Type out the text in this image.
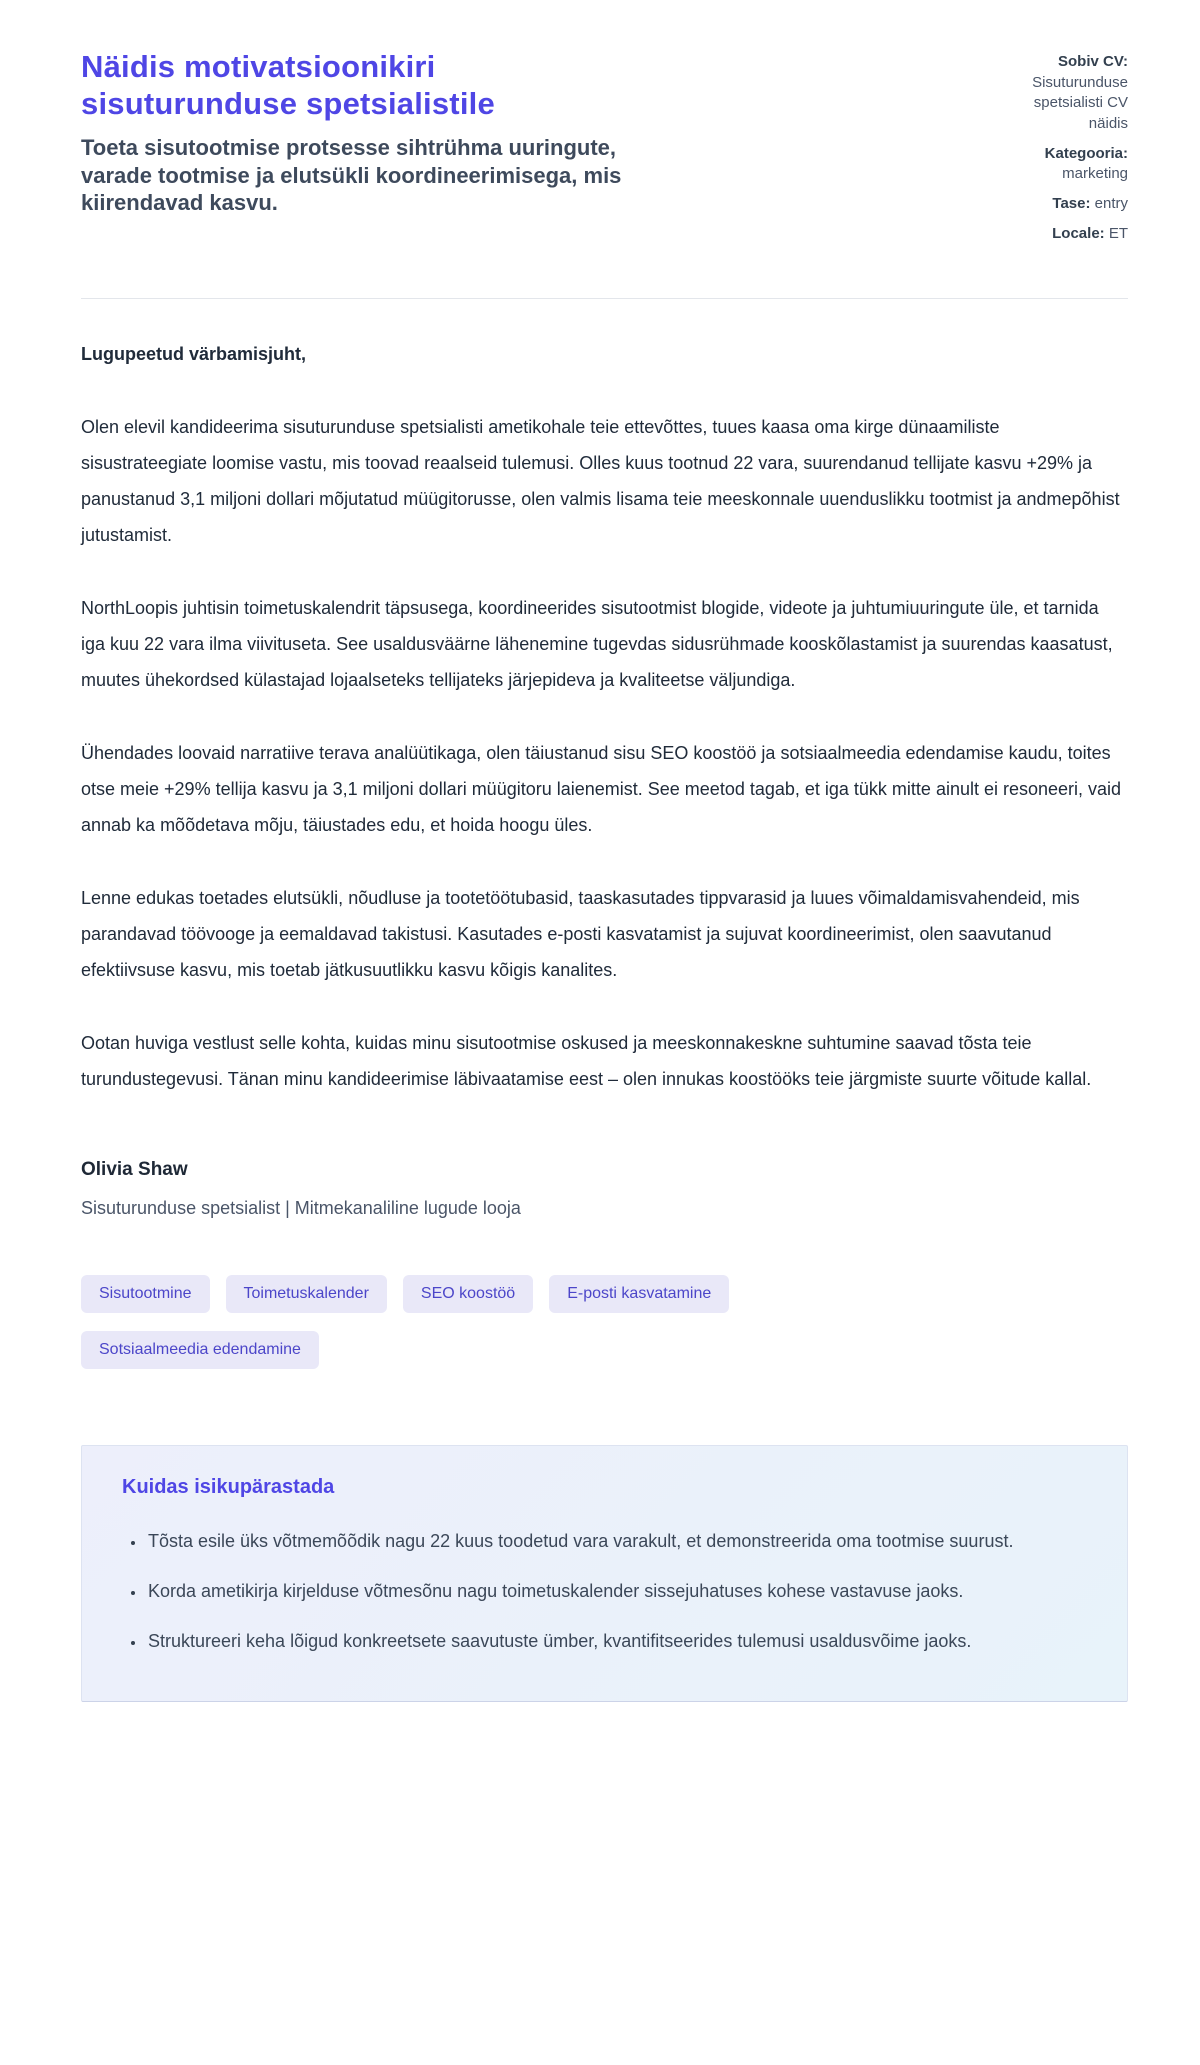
Näidis motivatsioonikiri sisuturunduse spetsialistile
Toeta sisutootmise protsesse sihtrühma uuringute, varade tootmise ja elutsükli koordineerimisega, mis kiirendavad kasvu.
Sobiv CV: Sisuturunduse spetsialisti CV näidis
Kategooria: marketing
Tase: entry
Locale: ET

Lugupeetud värbamisjuht,

Olen elevil kandideerima sisuturunduse spetsialisti ametikohale teie ettevõttes, tuues kaasa oma kirge dünaamiliste sisustrateegiate loomise vastu, mis toovad reaalseid tulemusi. Olles kuus tootnud 22 vara, suurendanud tellijate kasvu +29% ja panustanud 3,1 miljoni dollari mõjutatud müügitorusse, olen valmis lisama teie meeskonnale uuenduslikku tootmist ja andmepõhist jutustamist.

NorthLoopis juhtisin toimetuskalendrit täpsusega, koordineerides sisutootmist blogide, videote ja juhtumiuuringute üle, et tarnida iga kuu 22 vara ilma viivituseta. See usaldusväärne lähenemine tugevdas sidusrühmade kooskõlastamist ja suurendas kaasatust, muutes ühekordsed külastajad lojaalseteks tellijateks järjepideva ja kvaliteetse väljundiga.

Ühendades loovaid narratiive terava analüütikaga, olen täiustanud sisu SEO koostöö ja sotsiaalmeedia edendamise kaudu, toites otse meie +29% tellija kasvu ja 3,1 miljoni dollari müügitoru laienemist. See meetod tagab, et iga tükk mitte ainult ei resoneeri, vaid annab ka mõõdetava mõju, täiustades edu, et hoida hoogu üles.

Lenne edukas toetades elutsükli, nõudluse ja tootetöötubasid, taaskasutades tippvarasid ja luues võimaldamisvahendeid, mis parandavad töövooge ja eemaldavad takistusi. Kasutades e-posti kasvatamist ja sujuvat koordineerimist, olen saavutanud efektiivsuse kasvu, mis toetab jätkusuutlikku kasvu kõigis kanalites.

Ootan huviga vestlust selle kohta, kuidas minu sisutootmise oskused ja meeskonnakeskne suhtumine saavad tõsta teie turundustegevusi. Tänan minu kandideerimise läbivaatamise eest – olen innukas koostööks teie järgmiste suurte võitude kallal.

Olivia Shaw
Sisuturunduse spetsialist | Mitmekanaliline lugude looja
Sisutootmine	Toimetuskalender	SEO koostöö	E-posti kasvatamine
Sotsiaalmeedia edendamine
Kuidas isikupärastada
• Tõsta esile üks võtmemõõdik nagu 22 kuus toodetud vara varakult, et demonstreerida oma tootmise suurust.
• Korda ametikirja kirjelduse võtmesõnu nagu toimetuskalender sissejuhatuses kohese vastavuse jaoks.
• Struktureeri keha lõigud konkreetsete saavutuste ümber, kvantifitseerides tulemusi usaldusvõime jaoks.
